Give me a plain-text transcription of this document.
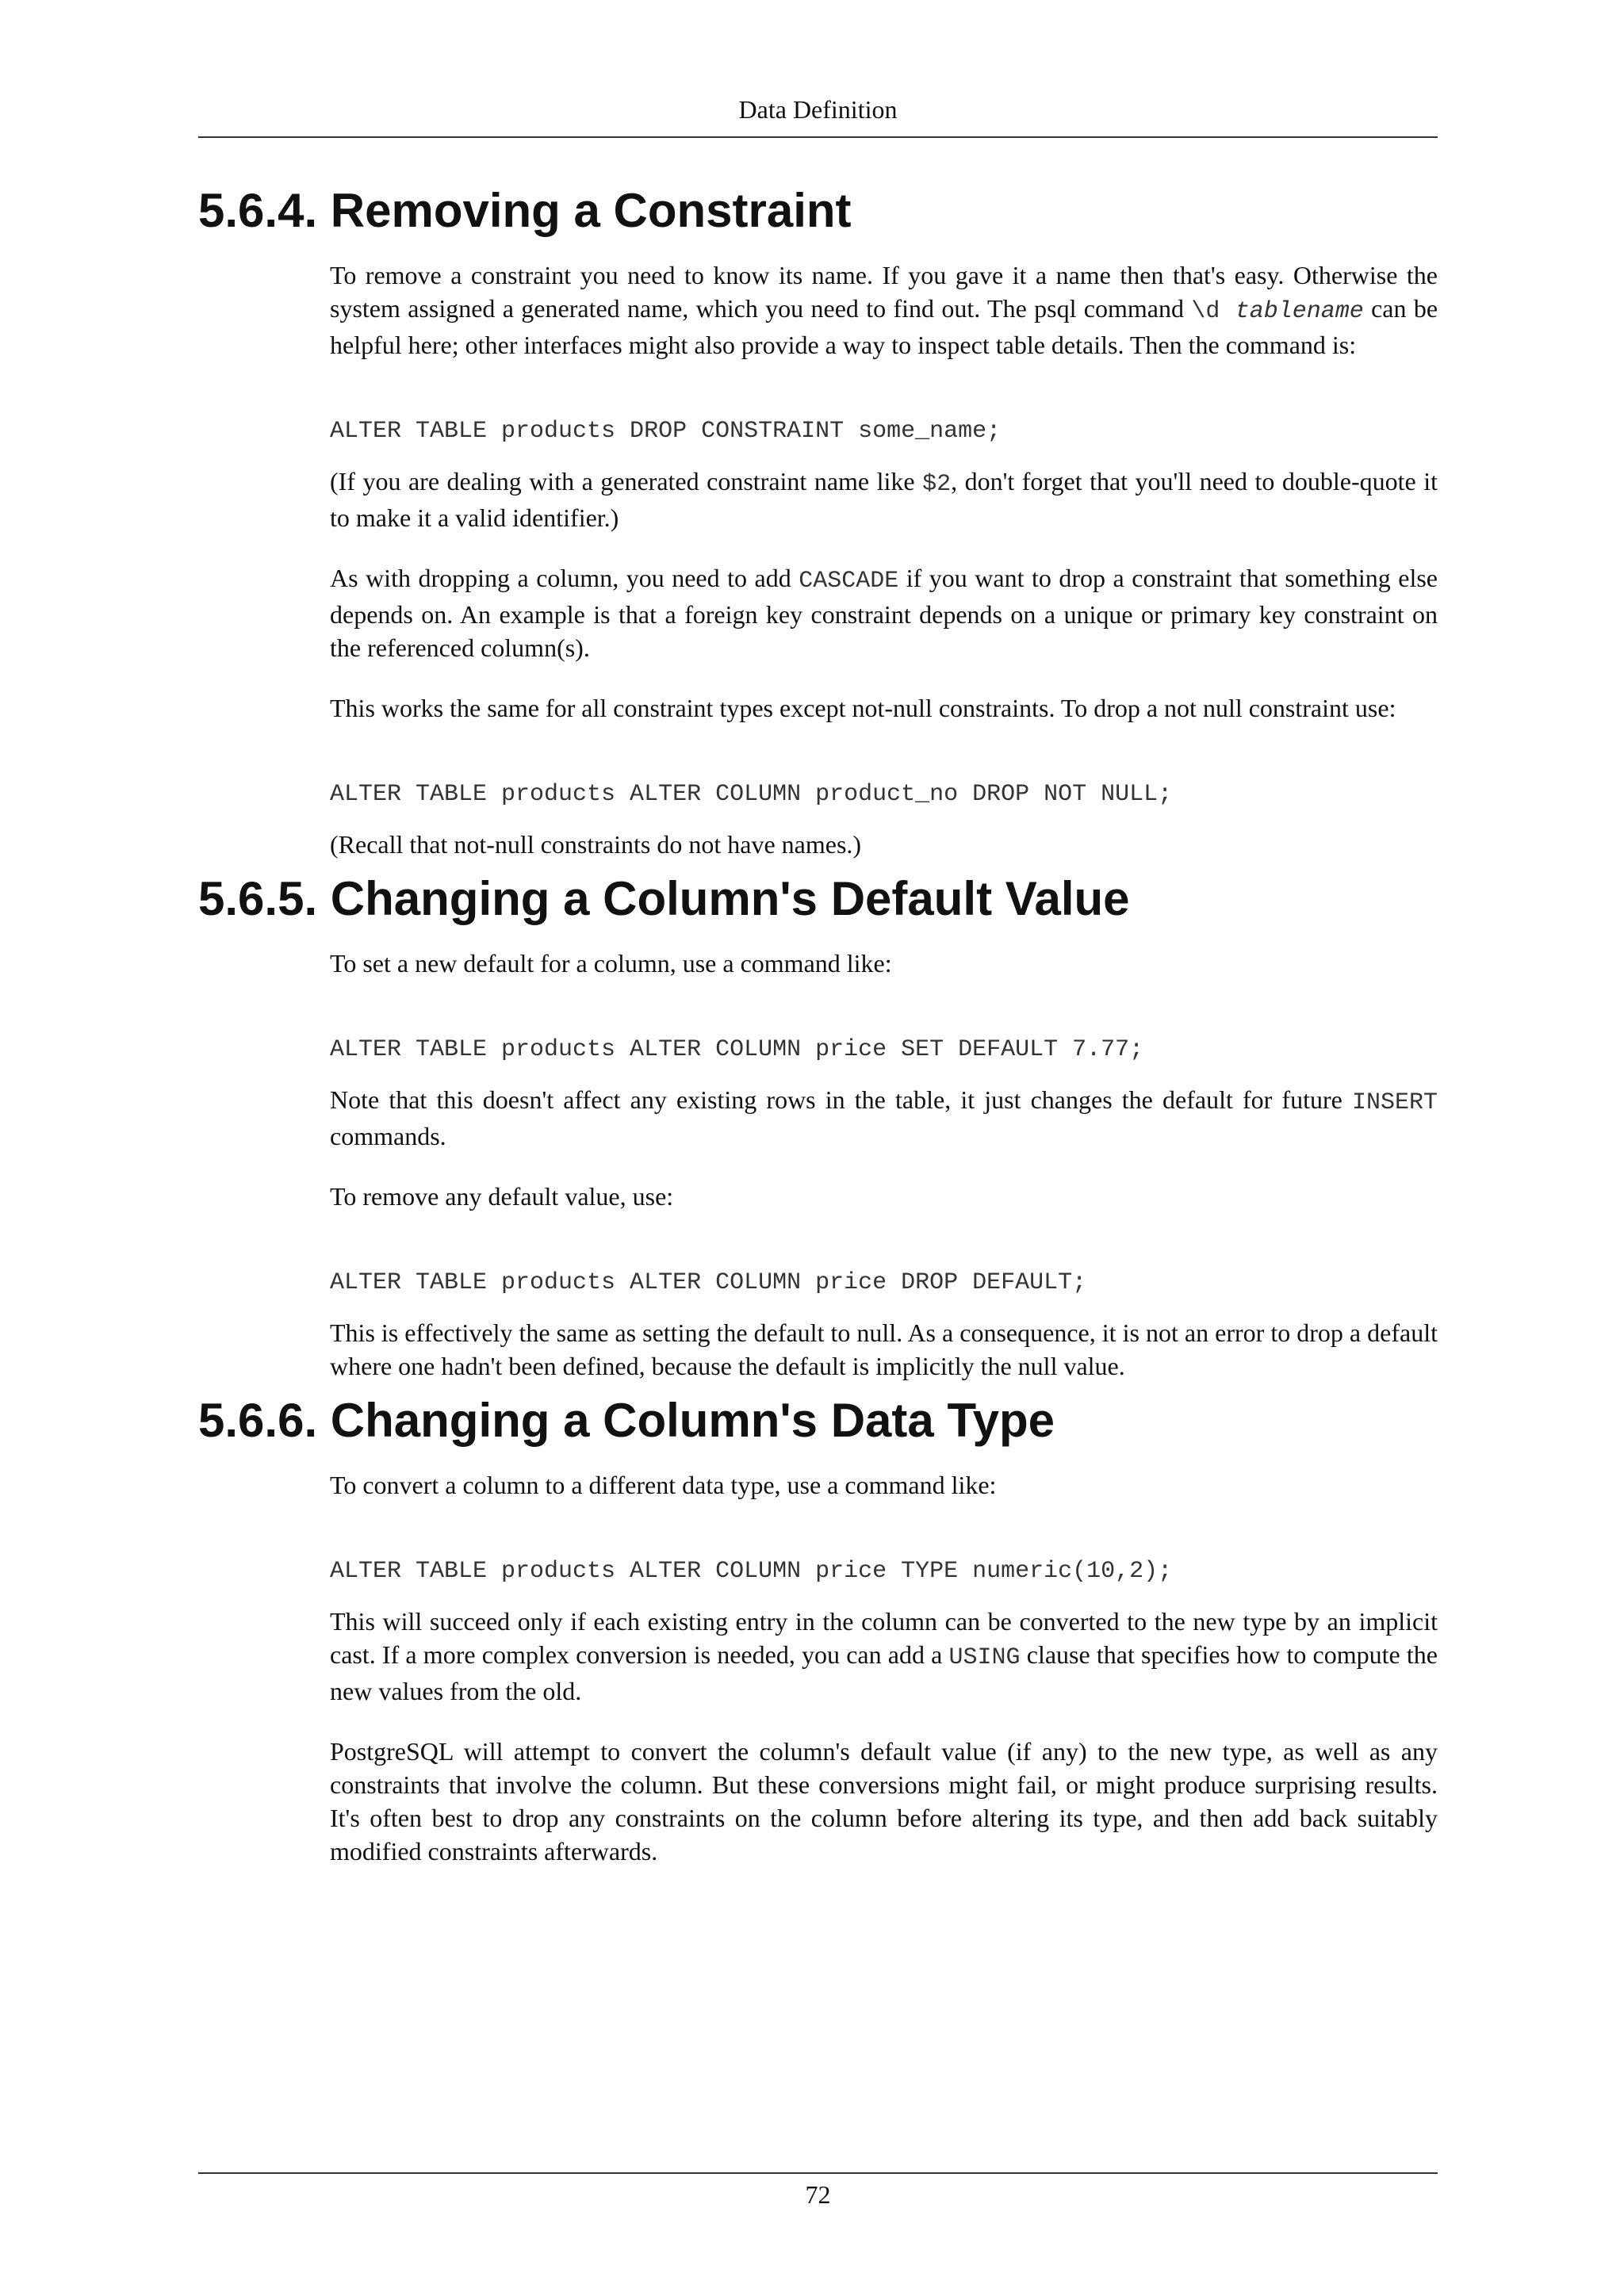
Data Definition
5.6.4. Removing a Constraint

To remove a constraint you need to know its name. If you gave it a name then that's easy. Otherwise the system assigned a generated name, which you need to find out. The psql command \d tablename can be helpful here; other interfaces might also provide a way to inspect table details. Then the command is:

ALTER TABLE products DROP CONSTRAINT some_name;

(If you are dealing with a generated constraint name like $2, don't forget that you'll need to double-quote it to make it a valid identifier.)

As with dropping a column, you need to add CASCADE if you want to drop a constraint that something else depends on. An example is that a foreign key constraint depends on a unique or primary key constraint on the referenced column(s).

This works the same for all constraint types except not-null constraints. To drop a not null constraint use:

ALTER TABLE products ALTER COLUMN product_no DROP NOT NULL;

(Recall that not-null constraints do not have names.)

5.6.5. Changing a Column's Default Value

To set a new default for a column, use a command like:

ALTER TABLE products ALTER COLUMN price SET DEFAULT 7.77;

Note that this doesn't affect any existing rows in the table, it just changes the default for future INSERT commands.

To remove any default value, use:

ALTER TABLE products ALTER COLUMN price DROP DEFAULT;

This is effectively the same as setting the default to null. As a consequence, it is not an error to drop a default where one hadn't been defined, because the default is implicitly the null value.

5.6.6. Changing a Column's Data Type

To convert a column to a different data type, use a command like:

ALTER TABLE products ALTER COLUMN price TYPE numeric(10,2);

This will succeed only if each existing entry in the column can be converted to the new type by an implicit cast. If a more complex conversion is needed, you can add a USING clause that specifies how to compute the new values from the old.

PostgreSQL will attempt to convert the column's default value (if any) to the new type, as well as any constraints that involve the column. But these conversions might fail, or might produce surprising results. It's often best to drop any constraints on the column before altering its type, and then add back suitably modified constraints afterwards.

72
